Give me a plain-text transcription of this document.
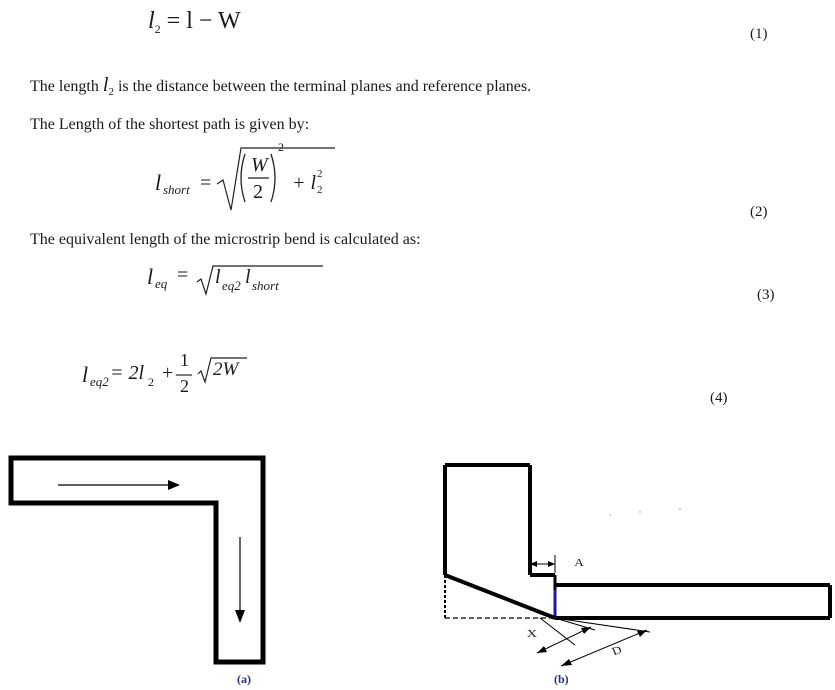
$l_2 = l - W$	(1)
The length $l_2$ is the distance between the terminal planes and reference planes.
The Length of the shortest path is given by:
l short =
W
2
2
+ l 2
2
(2)
The equivalent length of the microstrip bend is calculated as:
l eq = l eq2 l short
(3)
l eq2 = 2l 2 +
1
2
2W
(4)
(a)
A
X
D
(b)
